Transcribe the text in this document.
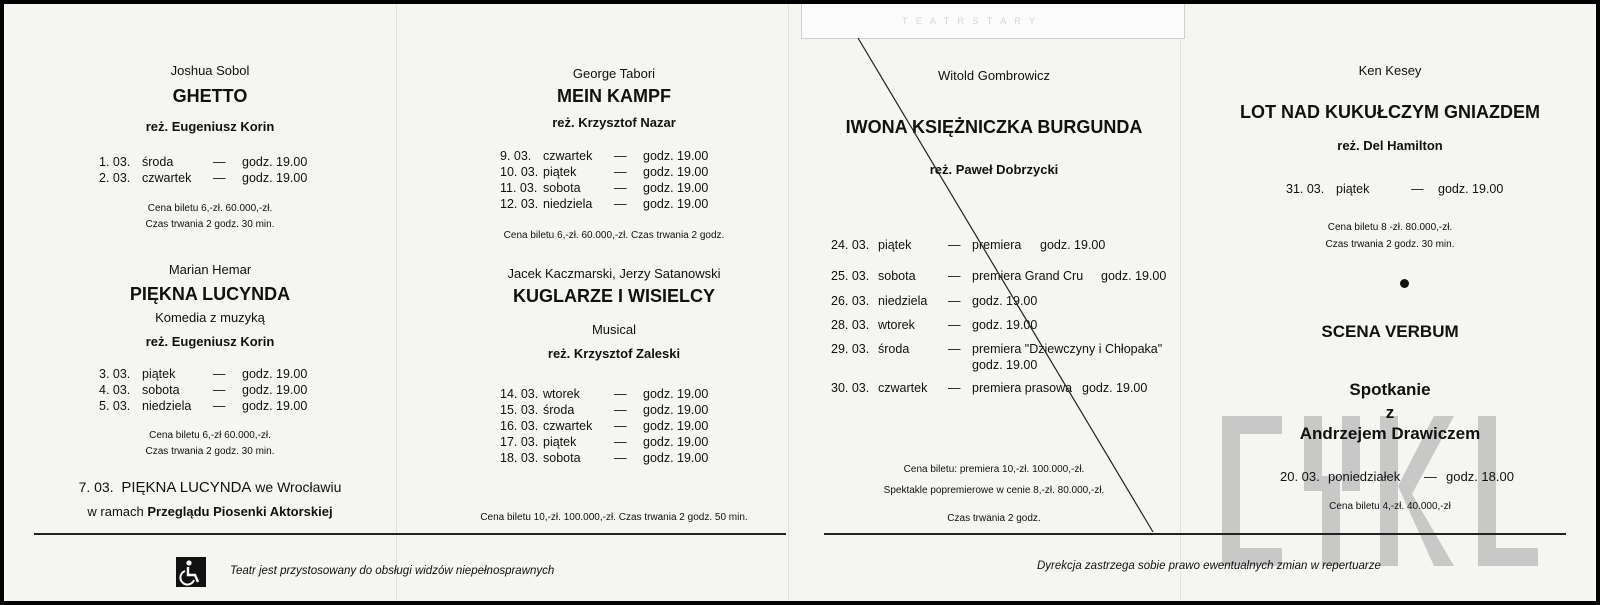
Joshua Sobol
GHETTO
reż. Eugeniusz Korin
1. 03. środa	— godz. 19.00
2. 03. czwartek — godz. 19.00
Cena biletu 6,-zł. 60.000,-zł.
Czas trwania 2 godz. 30 min.
Marian Hemar
PIĘKNA LUCYNDA
Komedia z muzyką
reż. Eugeniusz Korin
3. 03. piątek	— godz. 19.00
4. 03. sobota	— godz. 19.00
5. 03. niedziela — godz. 19.00
Cena biletu 6,-zł 60.000,-zł.
Czas trwania 2 godz. 30 min.
7. 03. PIĘKNA LUCYNDA we Wrocławiu
w ramach Przeglądu Piosenki Aktorskiej
George Tabori
MEIN KAMPF
reż. Krzysztof Nazar
9. 03. czwartek — godz. 19.00
10. 03. piątek	— godz. 19.00
11. 03. sobota	— godz. 19.00
12. 03. niedziela — godz. 19.00
Cena biletu 6,-zł. 60.000,-zł. Czas trwania 2 godz.
Jacek Kaczmarski, Jerzy Satanowski
KUGLARZE I WISIELCY
Musical
reż. Krzysztof Zaleski
14. 03. wtorek	— godz. 19.00
15. 03. środa	— godz. 19.00
16. 03. czwartek — godz. 19.00
17. 03. piątek	— godz. 19.00
18. 03. sobota	— godz. 19.00
Cena biletu 10,-zł. 100.000,-zł. Czas trwania 2 godz. 50 min.
T E A T R S T A R Y
Witold Gombrowicz
IWONA KSIĘŻNICZKA BURGUNDA
reż. Paweł Dobrzycki
24. 03. piątek	— premiera godz. 19.00
25. 03. sobota	— premiera Grand Cru godz. 19.00
26. 03. niedziela — godz. 19.00
28. 03. wtorek	— godz. 19.00
29. 03. środa	— premiera "Dziewczyny i Chłopaka"
godz. 19.00
30. 03. czwartek — premiera prasowa godz. 19.00
Cena biletu: premiera 10,-zł. 100.000,-zł.
Spektakle popremierowe w cenie 8,-zł. 80.000,-zł.
Czas trwania 2 godz.
Ken Kesey
LOT NAD KUKUŁCZYM GNIAZDEM
reż. Del Hamilton
31. 03. piątek	— godz. 19.00
Cena biletu 8 -zł. 80.000,-zł.
Czas trwania 2 godz. 30 min.
SCENA VERBUM
Spotkanie
z
Andrzejem Drawiczem
20. 03. poniedziałek — godz. 18.00
Cena biletu 4,-zł. 40.000,-zł
Teatr jest przystosowany do obsługi widzów niepełnosprawnych	Dyrekcja zastrzega sobie prawo ewentualnych zmian w repertuarze
